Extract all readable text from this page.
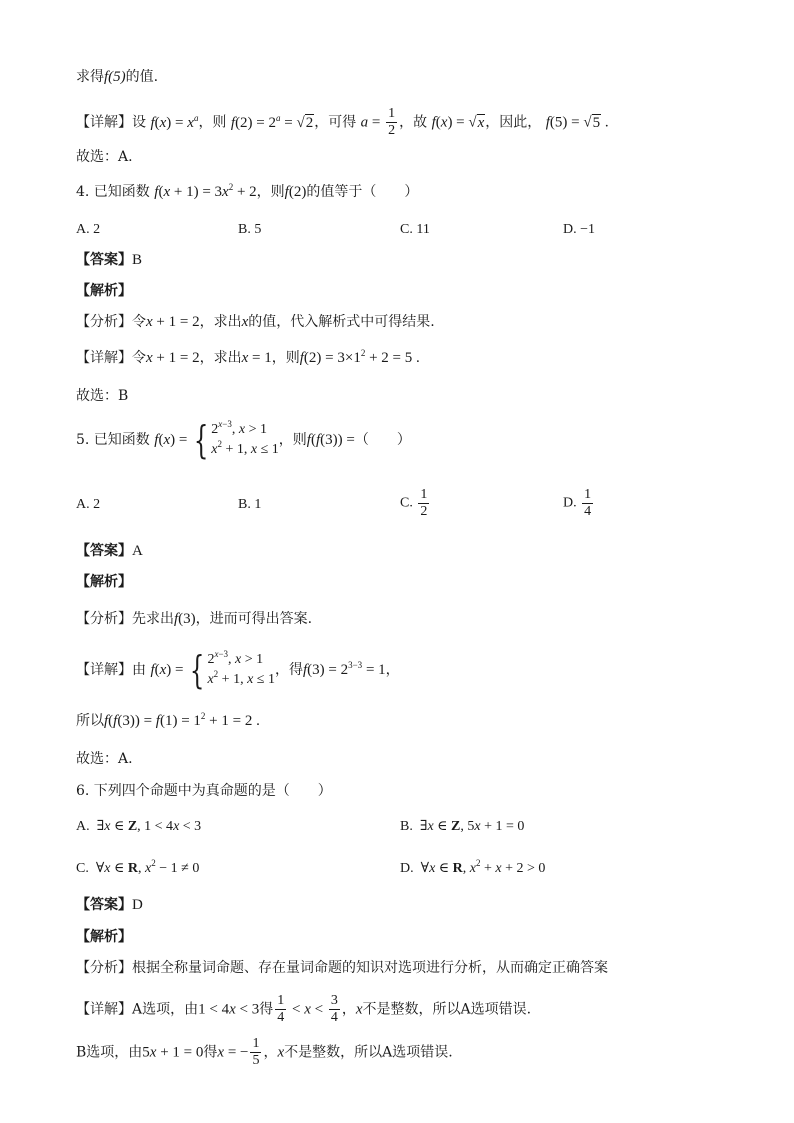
求得f(5)的值.
【详解】设 $f(x) = x^a$，则 $f(2) = 2^a = √2$，可得 $a = \frac{1}{2}$ ，故 f(x) = √x，因此， f(5) = √5 .
故选：A.
4. 已知函数 $f(x + 1) = 3x^2 + 2$，则f(2)的值等于（　　）
A. 2	B. 5	C. 11	D. −1
【答案】B
【解析】
【分析】令x + 1 = 2，求出x的值，代入解析式中可得结果.
【详解】令x + 1 = 2，求出x = 1，则$f(2) = 3\times 1^2 + 2 = 5$ .
故选：B
5. 已知函数 f(x) = { $2^{x-3}$, x > 1
$x^2 + 1$, x ≤ 1
，则f(f(3)) =（　　）
A. 2	B. 1	C. $\frac{1}{2}$	D. $\frac{1}{4}$
【答案】A
【解析】
【分析】先求出f(3)，进而可得出答案.
【详解】由 f(x) = { $2^{x-3}$, x > 1
$x^2 + 1$, x ≤ 1
，得$f(3) = 2^{3-3} = 1$，
所以$f(f(3)) = f(1) = 1^2 + 1 = 2$ .
故选：A.
6. 下列四个命题中为真命题的是（　　）
A.  ∃x ∈ Z, 1 < 4x < 3	B.  ∃x ∈ Z, 5x + 1 = 0
C.  ∀x ∈ R, $x^2 - 1 \ne 0$	D.  ∀x ∈ R, $x^2 + x + 2 > 0$
【答案】D
【解析】
【分析】根据全称量词命题、存在量词命题的知识对选项进行分析，从而确定正确答案
【详解】A选项，由1 < 4x < 3得 $\frac{1}{4} < x < \frac{3}{4}$ ，x不是整数，所以A选项错误.
B选项，由5x + 1 = 0得x = − $\frac{1}{5}$ ，x不是整数，所以A选项错误.
